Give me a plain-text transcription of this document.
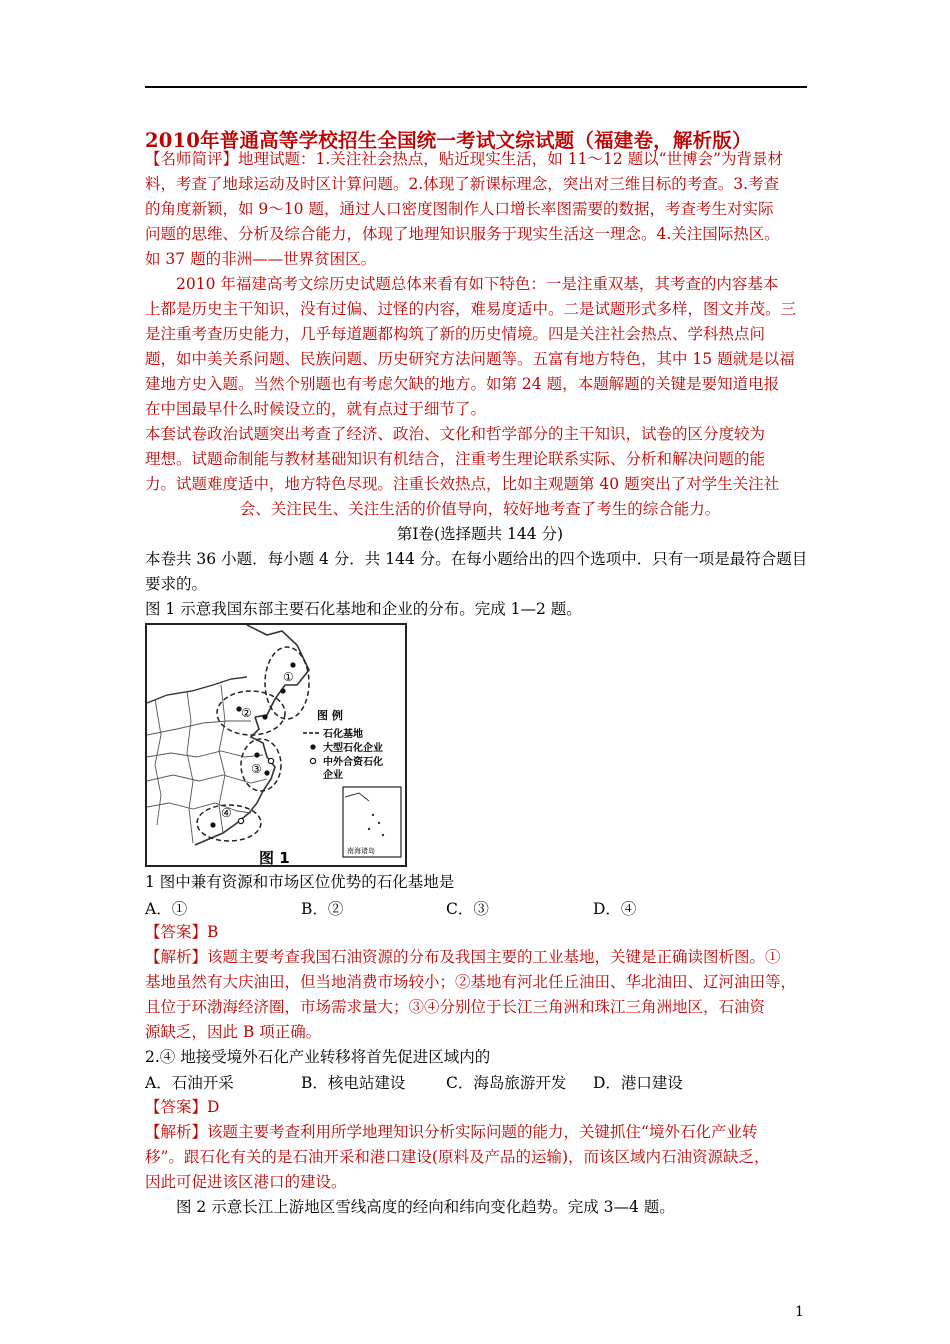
2010年普通高等学校招生全国统一考试文综试题（福建卷，解析版）
【名师简评】地理试题：1.关注社会热点，贴近现实生活，如 11～12 题以“世博会”为背景材
料，考查了地球运动及时区计算问题。2.体现了新课标理念，突出对三维目标的考查。3.考查
的角度新颖，如 9～10 题，通过人口密度图制作人口增长率图需要的数据，考查考生对实际
问题的思维、分析及综合能力，体现了地理知识服务于现实生活这一理念。4.关注国际热区。
如 37 题的非洲——世界贫困区。
2010 年福建高考文综历史试题总体来看有如下特色：一是注重双基，其考查的内容基本
上都是历史主干知识，没有过偏、过怪的内容，难易度适中。二是试题形式多样，图文并茂。三
是注重考查历史能力，几乎每道题都构筑了新的历史情境。四是关注社会热点、学科热点问
题，如中美关系问题、民族问题、历史研究方法问题等。五富有地方特色，其中 15 题就是以福
建地方史入题。当然个别题也有考虑欠缺的地方。如第 24 题，本题解题的关键是要知道电报
在中国最早什么时候设立的，就有点过于细节了。
本套试卷政治试题突出考查了经济、政治、文化和哲学部分的主干知识，试卷的区分度较为
理想。试题命制能与教材基础知识有机结合，注重考生理论联系实际、分析和解决问题的能
力。试题难度适中，地方特色尽现。注重长效热点，比如主观题第 40 题突出了对学生关注社
会、关注民生、关注生活的价值导向，较好地考查了考生的综合能力。
第Ⅰ卷(选择题共 144 分)
本卷共 36 小题．每小题 4 分．共 144 分。在每小题给出的四个选项中．只有一项是最符合题目
要求的。
图 1 示意我国东部主要石化基地和企业的分布。完成 1—2 题。
①
②
③
④
图 例
石化基地
大型石化企业
中外合资石化
企业
南海诸岛
图 1
1 图中兼有资源和市场区位优势的石化基地是
A．①	B．②	C．③	D．④
【答案】B
【解析】该题主要考查我国石油资源的分布及我国主要的工业基地，关键是正确读图析图。①
基地虽然有大庆油田，但当地消费市场较小；②基地有河北任丘油田、华北油田、辽河油田等，
且位于环渤海经济圈，市场需求量大；③④分别位于长江三角洲和珠江三角洲地区，石油资
源缺乏，因此 B 项正确。
2.④ 地接受境外石化产业转移将首先促进区域内的
A．石油开采	B．核电站建设	C．海岛旅游开发 D．港口建设
【答案】D
【解析】该题主要考查利用所学地理知识分析实际问题的能力，关键抓住“境外石化产业转
移”。跟石化有关的是石油开采和港口建设(原料及产品的运输)，而该区域内石油资源缺乏，
因此可促进该区港口的建设。
图 2 示意长江上游地区雪线高度的经向和纬向变化趋势。完成 3—4 题。
1
